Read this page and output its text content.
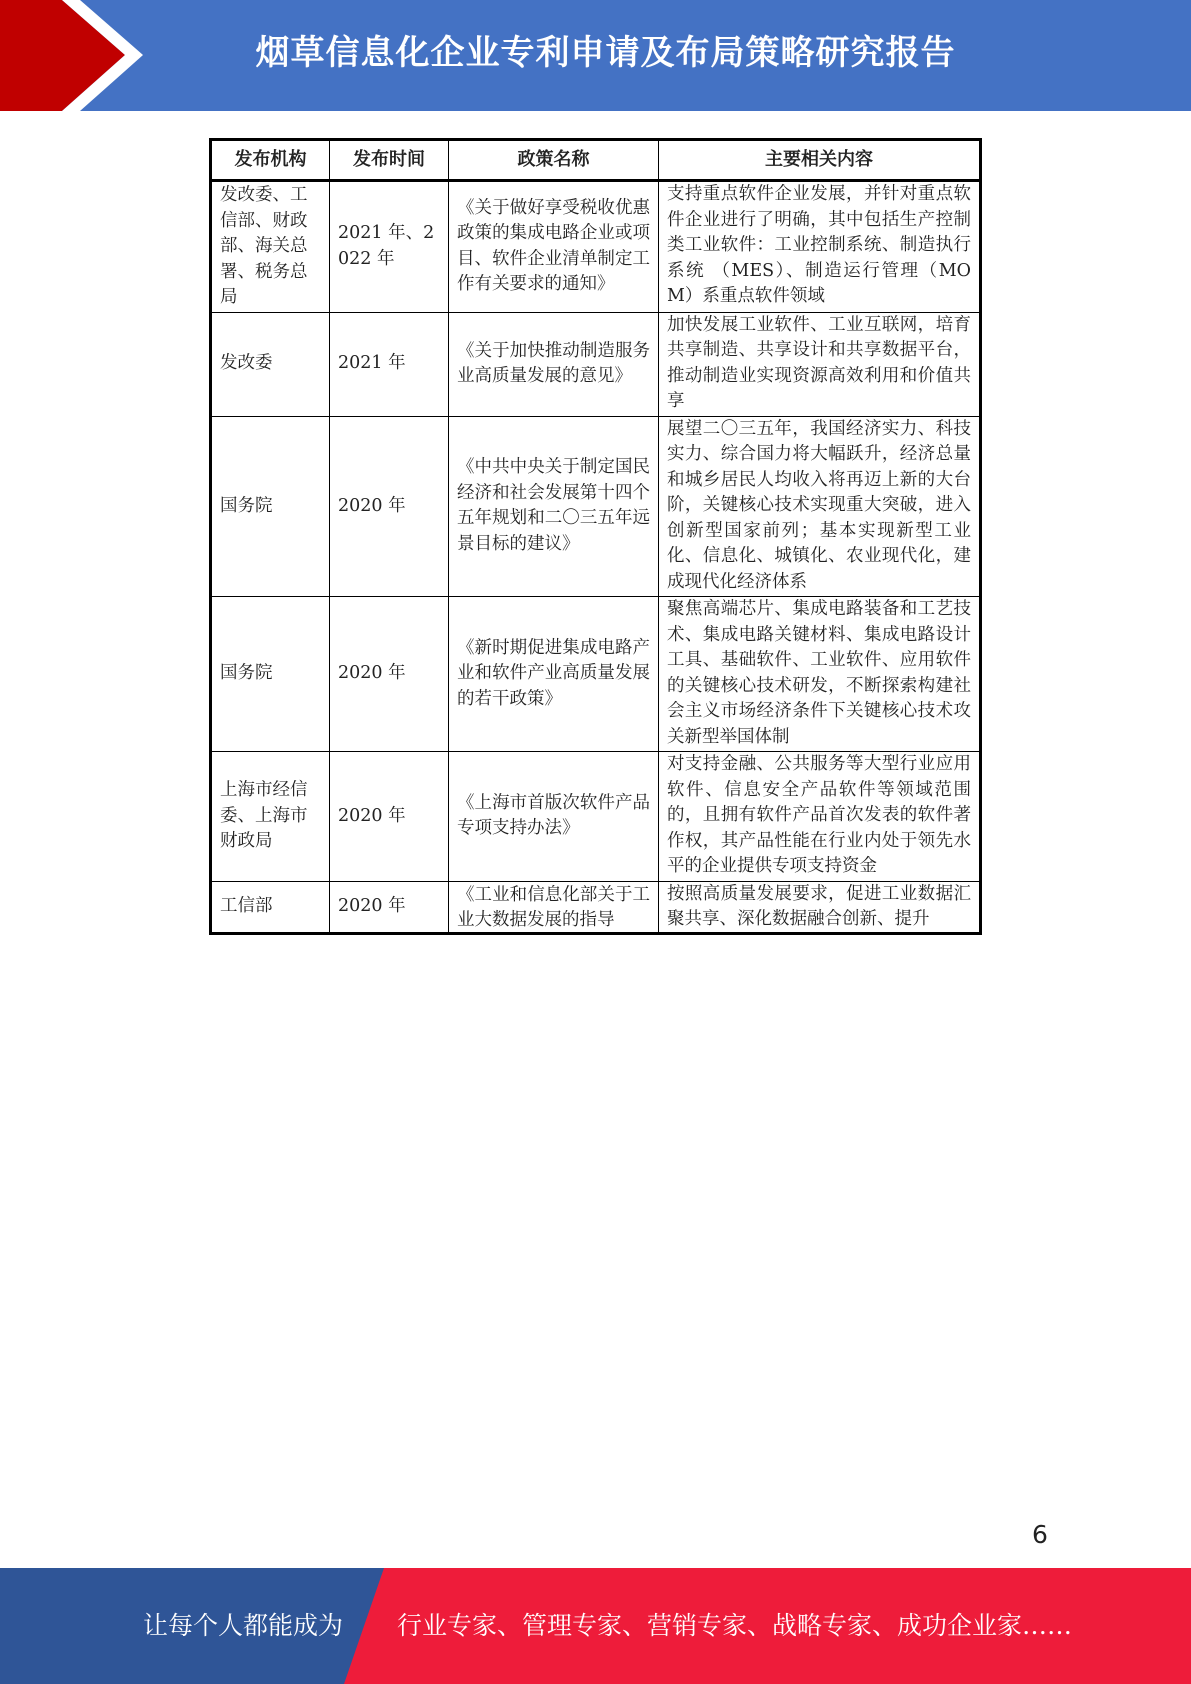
烟草信息化企业专利申请及布局策略研究报告
发布机构	发布时间	政策名称	主要相关内容
发改委、工信部、财政部、海关总署、税务总局	2021 年、2022 年	《关于做好享受税收优惠政策的集成电路企业或项目、软件企业清单制定工作有关要求的通知》	支持重点软件企业发展，并针对重点软件企业进行了明确，其中包括生产控制类工业软件：工业控制系统、制造执行系统 （MES）、制造运行管理（MOM）系重点软件领域
发改委	2021 年	《关于加快推动制造服务业高质量发展的意见》	加快发展工业软件、工业互联网，培育共享制造、共享设计和共享数据平台，推动制造业实现资源高效利用和价值共享
国务院	2020 年	《中共中央关于制定国民经济和社会发展第十四个五年规划和二〇三五年远景目标的建议》	展望二〇三五年，我国经济实力、科技实力、综合国力将大幅跃升，经济总量和城乡居民人均收入将再迈上新的大台阶，关键核心技术实现重大突破，进入创新型国家前列；基本实现新型工业化、信息化、城镇化、农业现代化，建成现代化经济体系
国务院	2020 年	《新时期促进集成电路产业和软件产业高质量发展的若干政策》	聚焦高端芯片、集成电路装备和工艺技术、集成电路关键材料、集成电路设计工具、基础软件、工业软件、应用软件的关键核心技术研发，不断探索构建社会主义市场经济条件下关键核心技术攻关新型举国体制
上海市经信委、上海市财政局	2020 年	《上海市首版次软件产品专项支持办法》	对支持金融、公共服务等大型行业应用软件、信息安全产品软件等领域范围的，且拥有软件产品首次发表的软件著作权，其产品性能在行业内处于领先水平的企业提供专项支持资金
工信部	2020 年	《工业和信息化部关于工业大数据发展的指导	按照高质量发展要求，促进工业数据汇聚共享、深化数据融合创新、提升
6
让每个人都能成为 行业专家、管理专家、营销专家、战略专家、成功企业家……
